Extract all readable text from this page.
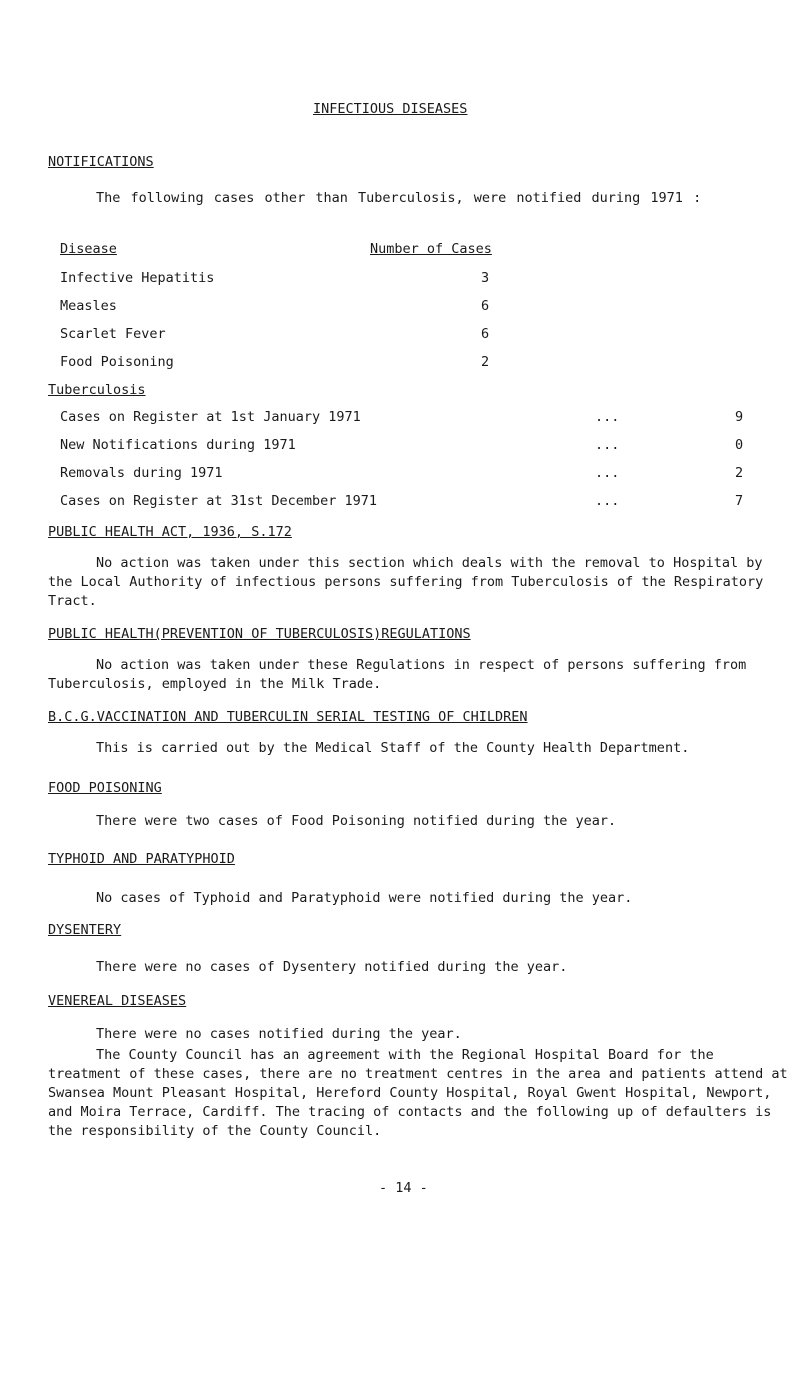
INFECTIOUS DISEASES
NOTIFICATIONS
The following cases other than Tuberculosis, were notified during 1971 :
Disease	Number of Cases
Infective Hepatitis	3
Measles	6
Scarlet Fever	6
Food Poisoning	2
Tuberculosis
Cases on Register at 1st January 1971	...	9
New Notifications during 1971	...	0
Removals during 1971	...	2
Cases on Register at 31st December 1971	...	7
PUBLIC HEALTH ACT, 1936, S.172
No action was taken under this section which deals with the removal to Hospital by the Local Authority of infectious persons suffering from Tuberculosis of the Respiratory Tract.
PUBLIC HEALTH(PREVENTION OF TUBERCULOSIS)REGULATIONS
No action was taken under these Regulations in respect of persons suffering from Tuberculosis, employed in the Milk Trade.
B.C.G.VACCINATION AND TUBERCULIN SERIAL TESTING OF CHILDREN
This is carried out by the Medical Staff of the County Health Department.
FOOD POISONING
There were two cases of Food Poisoning notified during the year.
TYPHOID AND PARATYPHOID
No cases of Typhoid and Paratyphoid were notified during the year.
DYSENTERY
There were no cases of Dysentery notified during the year.
VENEREAL DISEASES
There were no cases notified during the year.
The County Council has an agreement with the Regional Hospital Board for the treatment of these cases, there are no treatment centres in the area and patients attend at Swansea Mount Pleasant Hospital, Hereford County Hospital, Royal Gwent Hospital, Newport, and Moira Terrace, Cardiff. The tracing of contacts and the following up of defaulters is the responsibility of the County Council.
- 14 -
